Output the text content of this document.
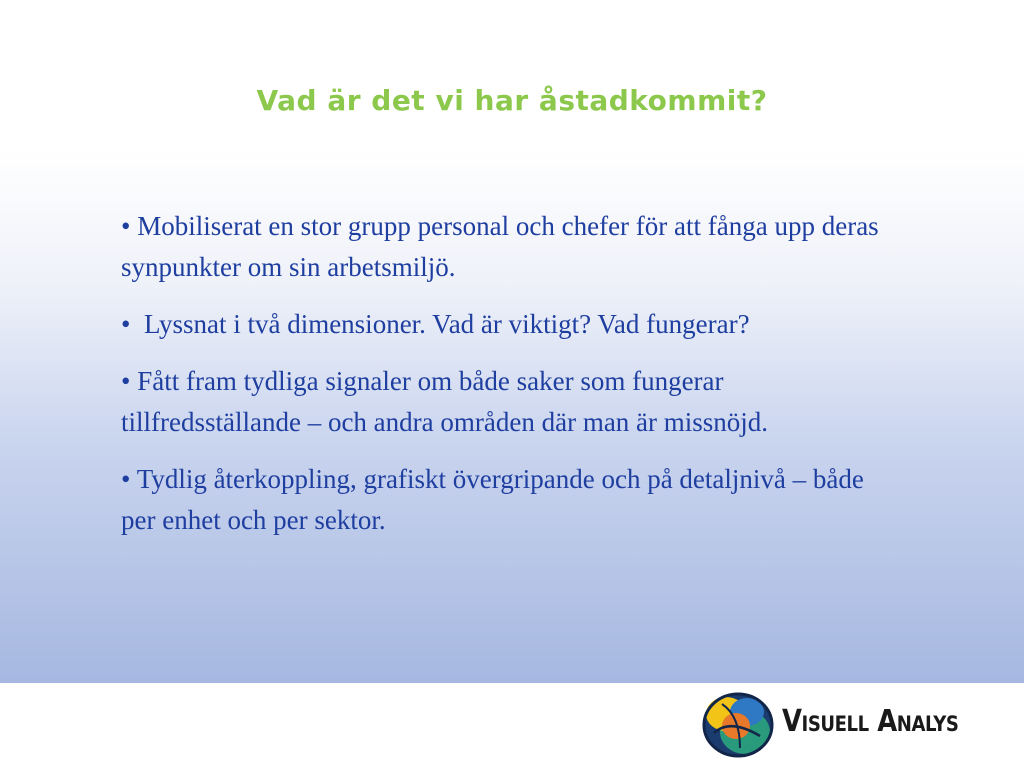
Vad är det vi har åstadkommit?
• Mobiliserat en stor grupp personal och chefer för att fånga upp deras synpunkter om sin arbetsmiljö.
•  Lyssnat i två dimensioner. Vad är viktigt? Vad fungerar?
• Fått fram tydliga signaler om både saker som fungerar tillfredsställande – och andra områden där man är missnöjd.
• Tydlig återkoppling, grafiskt övergripande och på detaljnivå – både per enhet och per sektor.
Visuell Analys
